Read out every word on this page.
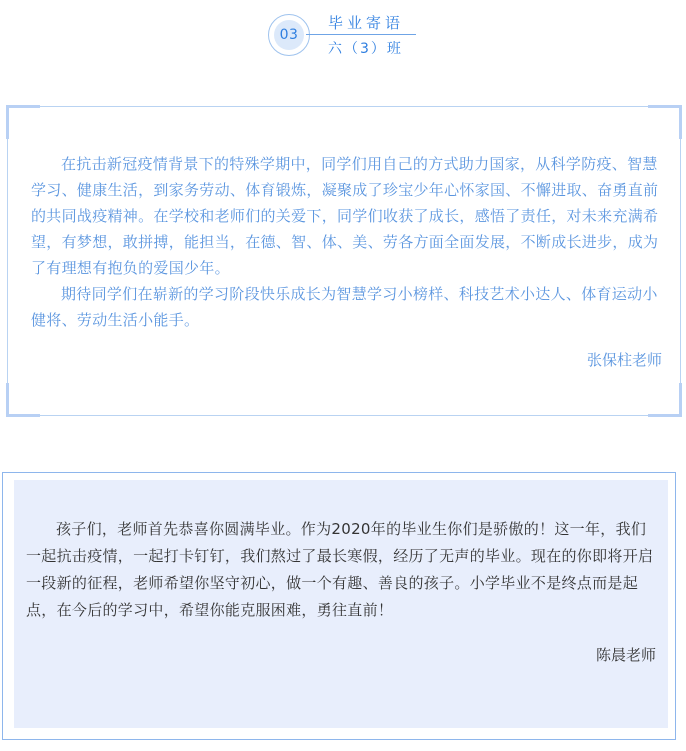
03
毕业寄语
六（3）班

在抗击新冠疫情背景下的特殊学期中，同学们用自己的方式助力国家，从科学防疫、智慧学习、健康生活，到家务劳动、体育锻炼，凝聚成了珍宝少年心怀家国、不懈进取、奋勇直前的共同战疫精神。在学校和老师们的关爱下，同学们收获了成长，感悟了责任，对未来充满希望，有梦想，敢拼搏，能担当，在德、智、体、美、劳各方面全面发展，不断成长进步，成为了有理想有抱负的爱国少年。

期待同学们在崭新的学习阶段快乐成长为智慧学习小榜样、科技艺术小达人、体育运动小健将、劳动生活小能手。

张保柱老师

孩子们，老师首先恭喜你圆满毕业。作为2020年的毕业生你们是骄傲的！这一年，我们一起抗击疫情，一起打卡钉钉，我们熬过了最长寒假，经历了无声的毕业。现在的你即将开启一段新的征程，老师希望你坚守初心，做一个有趣、善良的孩子。小学毕业不是终点而是起点，在今后的学习中，希望你能克服困难，勇往直前！

陈晨老师
